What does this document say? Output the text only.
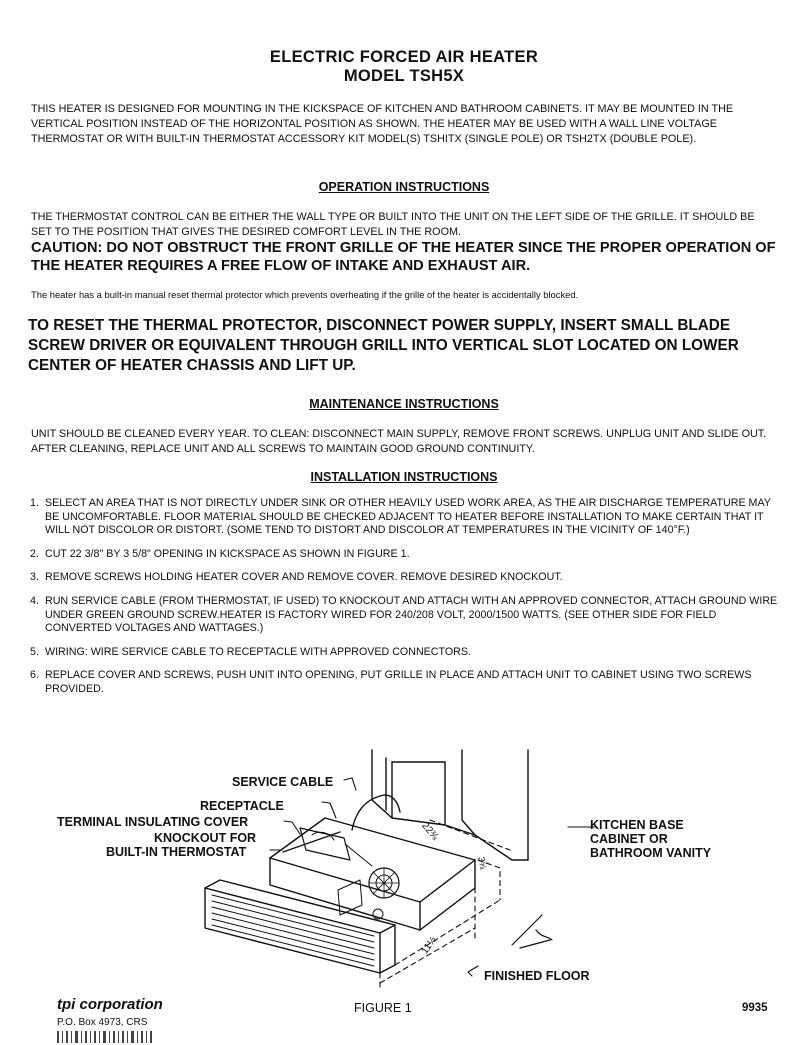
ELECTRIC FORCED AIR HEATER
MODEL TSH5X
THIS HEATER IS DESIGNED FOR MOUNTING IN THE KICKSPACE OF KITCHEN AND BATHROOM CABINETS. IT MAY BE MOUNTED IN THE VERTICAL POSITION INSTEAD OF THE HORIZONTAL POSITION AS SHOWN. THE HEATER MAY BE USED WITH A WALL LINE VOLTAGE THERMOSTAT OR WITH BUILT-IN THERMOSTAT ACCESSORY KIT MODEL(S) TSHITX (SINGLE POLE) OR TSH2TX (DOUBLE POLE).
OPERATION INSTRUCTIONS
THE THERMOSTAT CONTROL CAN BE EITHER THE WALL TYPE OR BUILT INTO THE UNIT ON THE LEFT SIDE OF THE GRILLE. IT SHOULD BE SET TO THE POSITION THAT GIVES THE DESIRED COMFORT LEVEL IN THE ROOM.
CAUTION: DO NOT OBSTRUCT THE FRONT GRILLE OF THE HEATER SINCE THE PROPER OPERATION OF THE HEATER REQUIRES A FREE FLOW OF INTAKE AND EXHAUST AIR.
The heater has a built-in manual reset thermal protector which prevents overheating if the grille of the heater is accidentally blocked.
TO RESET THE THERMAL PROTECTOR, DISCONNECT POWER SUPPLY, INSERT SMALL BLADE SCREW DRIVER OR EQUIVALENT THROUGH GRILL INTO VERTICAL SLOT LOCATED ON LOWER CENTER OF HEATER CHASSIS AND LIFT UP.
MAINTENANCE INSTRUCTIONS
UNIT SHOULD BE CLEANED EVERY YEAR. TO CLEAN: DISCONNECT MAIN SUPPLY, REMOVE FRONT SCREWS. UNPLUG UNIT AND SLIDE OUT. AFTER CLEANING, REPLACE UNIT AND ALL SCREWS TO MAINTAIN GOOD GROUND CONTINUITY.
INSTALLATION INSTRUCTIONS
1. SELECT AN AREA THAT IS NOT DIRECTLY UNDER SINK OR OTHER HEAVILY USED WORK AREA, AS THE AIR DISCHARGE TEMPERATURE MAY BE UNCOMFORTABLE. FLOOR MATERIAL SHOULD BE CHECKED ADJACENT TO HEATER BEFORE INSTALLATION TO MAKE CERTAIN THAT IT WILL NOT DISCOLOR OR DISTORT. (SOME TEND TO DISTORT AND DISCOLOR AT TEMPERATURES IN THE VICINITY OF 140°F.)
2. CUT 22 3/8" BY 3 5/8" OPENING IN KICKSPACE AS SHOWN IN FIGURE 1.
3. REMOVE SCREWS HOLDING HEATER COVER AND REMOVE COVER. REMOVE DESIRED KNOCKOUT.
4. RUN SERVICE CABLE (FROM THERMOSTAT, IF USED) TO KNOCKOUT AND ATTACH WITH AN APPROVED CONNECTOR, ATTACH GROUND WIRE UNDER GREEN GROUND SCREW.HEATER IS FACTORY WIRED FOR 240/208 VOLT, 2000/1500 WATTS. (SEE OTHER SIDE FOR FIELD CONVERTED VOLTAGES AND WATTAGES.)
5. WIRING: WIRE SERVICE CABLE TO RECEPTACLE WITH APPROVED CONNECTORS.
6. REPLACE COVER AND SCREWS, PUSH UNIT INTO OPENING, PUT GRILLE IN PLACE AND ATTACH UNIT TO CABINET USING TWO SCREWS PROVIDED.
SERVICE CABLE
RECEPTACLE
TERMINAL INSULATING COVER
KNOCKOUT FOR
BUILT-IN THERMOSTAT
KITCHEN BASE
CABINET OR
BATHROOM VANITY
FINISHED FLOOR
22⅜
3⅝
11½
tpi corporation
P.O. Box 4973, CRS
FIGURE 1	9935
